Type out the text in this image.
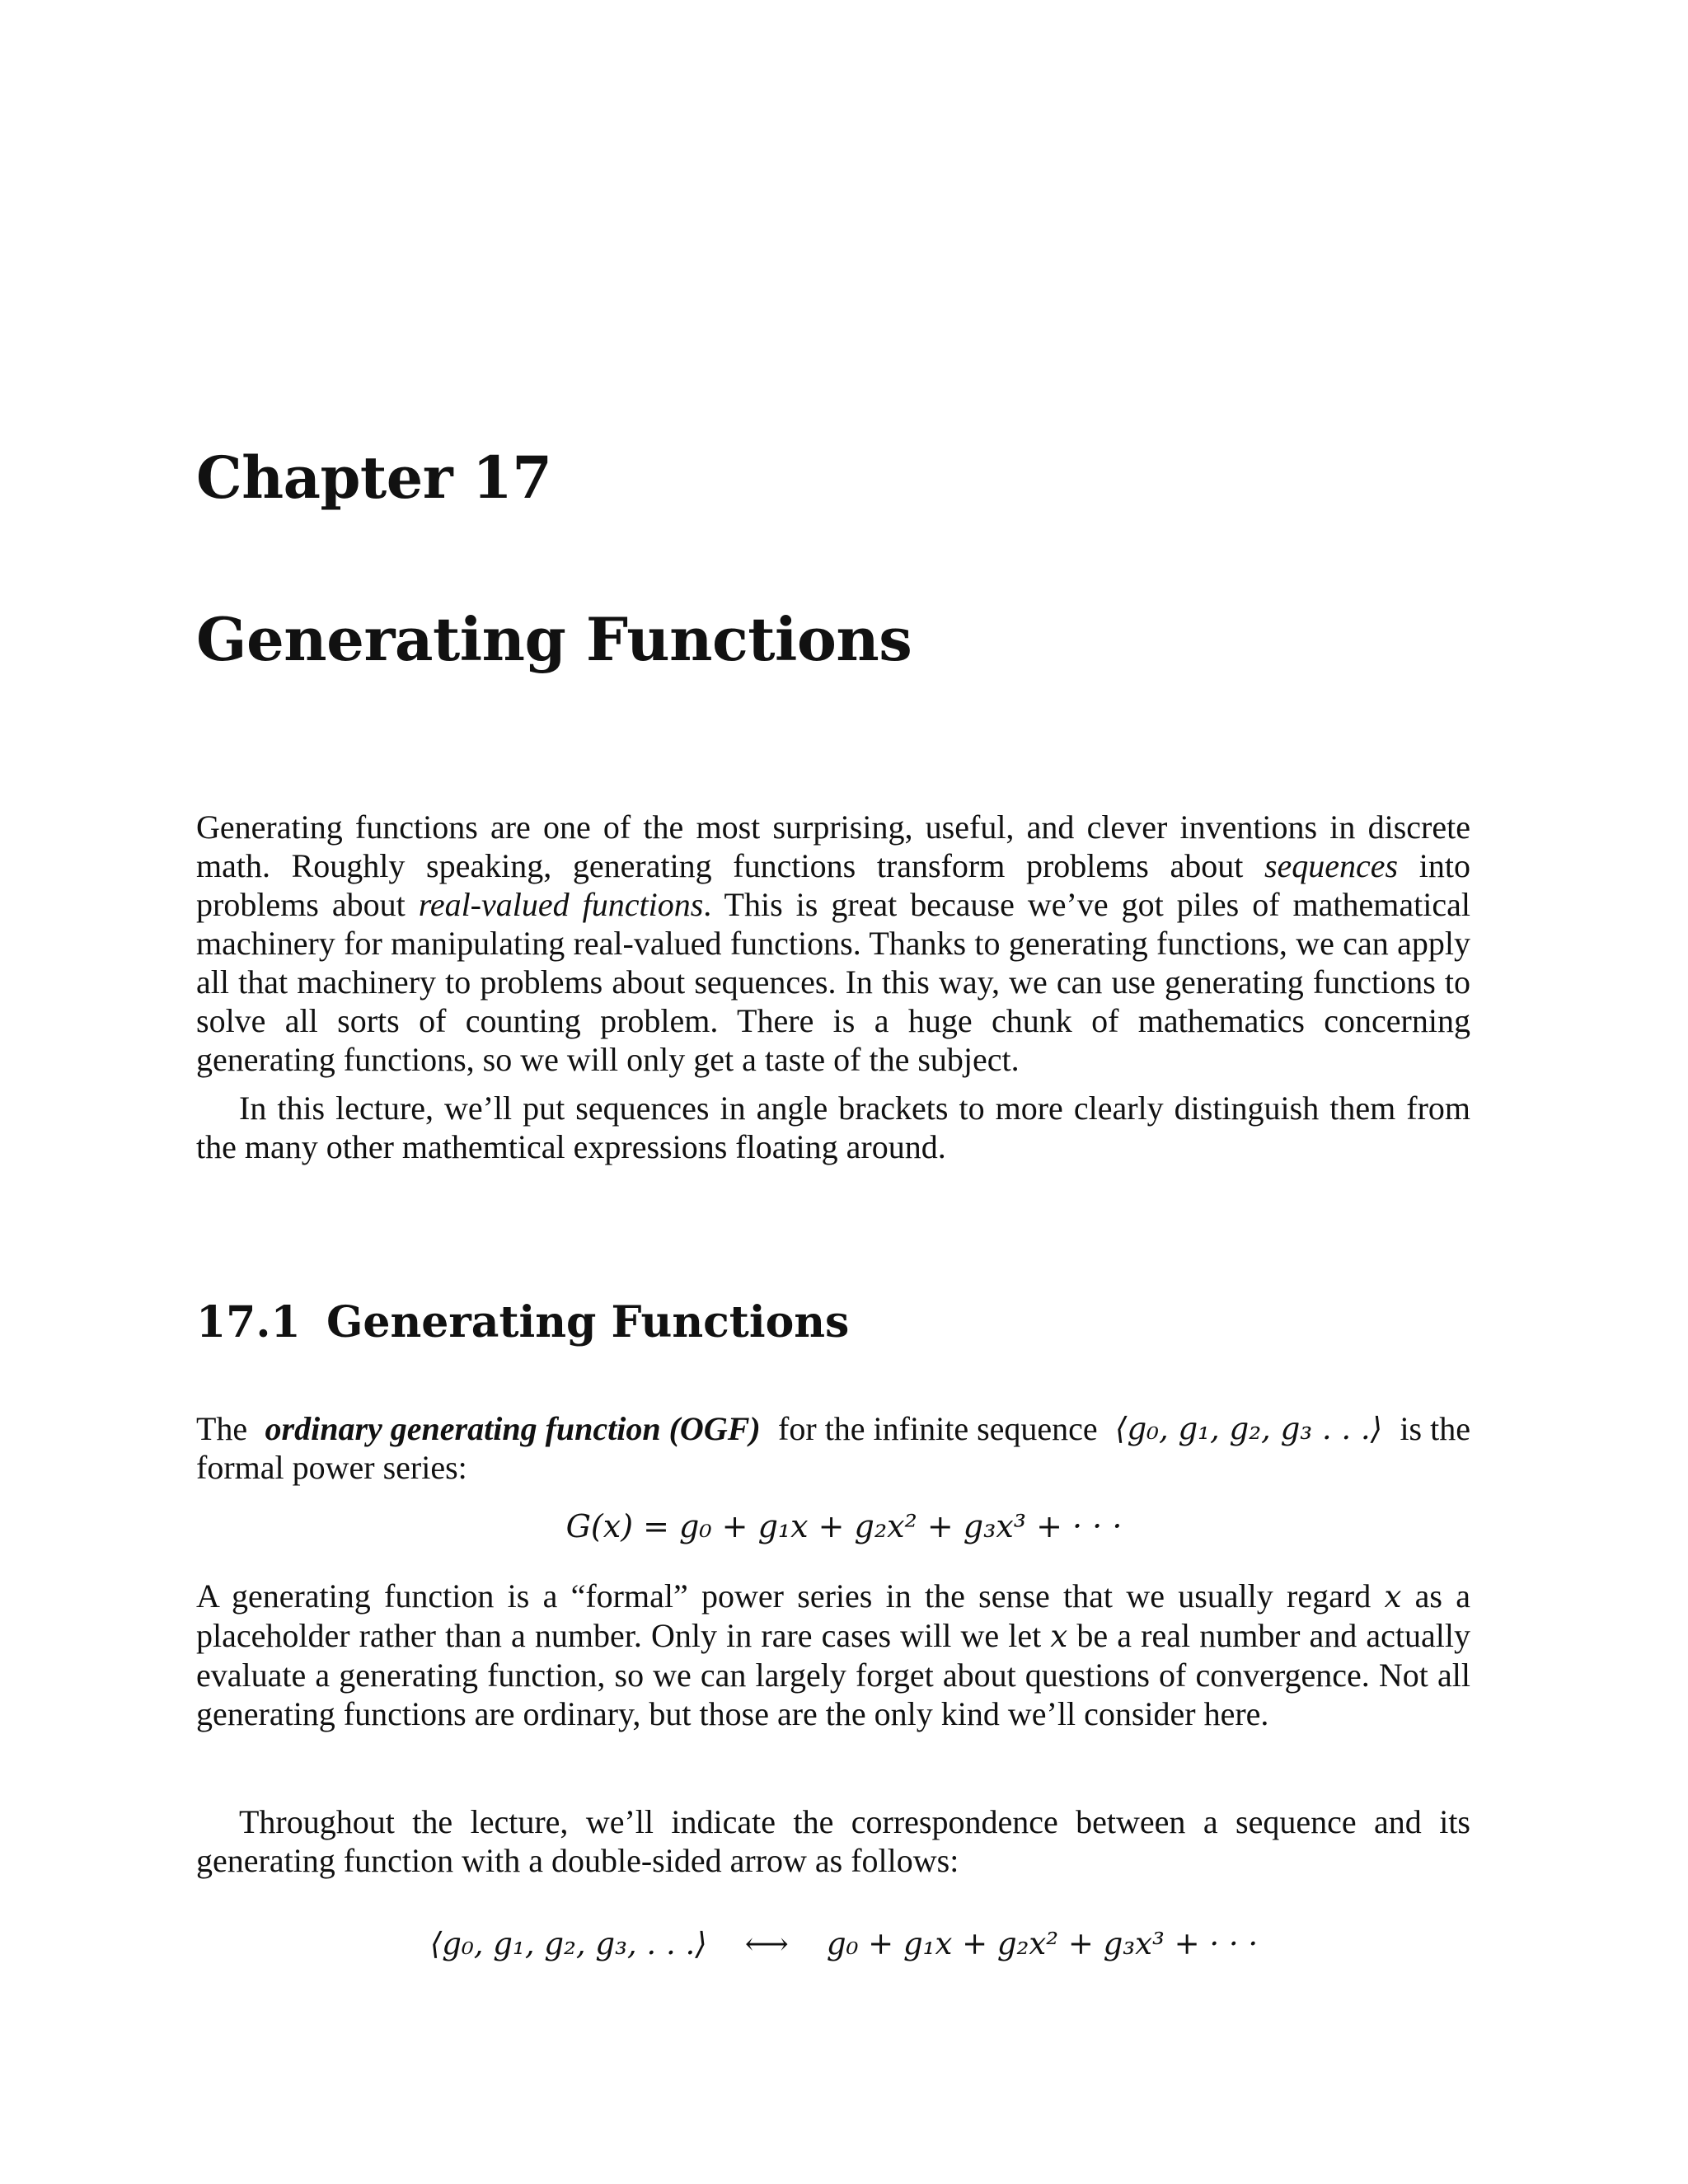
Chapter 17
Generating Functions

Generating functions are one of the most surprising, useful, and clever inventions in discrete math. Roughly speaking, generating functions transform problems about sequences into problems about real-valued functions. This is great because we’ve got piles of mathematical machinery for manipulating real-valued functions. Thanks to generating functions, we can apply all that machinery to problems about sequences. In this way, we can use generating functions to solve all sorts of counting problem. There is a huge chunk of mathematics concerning generating functions, so we will only get a taste of the subject.

In this lecture, we’ll put sequences in angle brackets to more clearly distinguish them from the many other mathemtical expressions floating around.

17.1 Generating Functions
The ordinary generating function (OGF) for the infinite sequence ⟨g₀, g₁, g₂, g₃ . . .⟩ is the
formal power series:
G(x) = g₀ + g₁x + g₂x² + g₃x³ + · · ·

A generating function is a “formal” power series in the sense that we usually regard x as a placeholder rather than a number. Only in rare cases will we let x be a real number and actually evaluate a generating function, so we can largely forget about questions of convergence. Not all generating functions are ordinary, but those are the only kind we’ll consider here.

Throughout the lecture, we’ll indicate the correspondence between a sequence and its generating function with a double-sided arrow as follows:

⟨g₀, g₁, g₂, g₃, . . .⟩ ⟷ g₀ + g₁x + g₂x² + g₃x³ + · · ·
